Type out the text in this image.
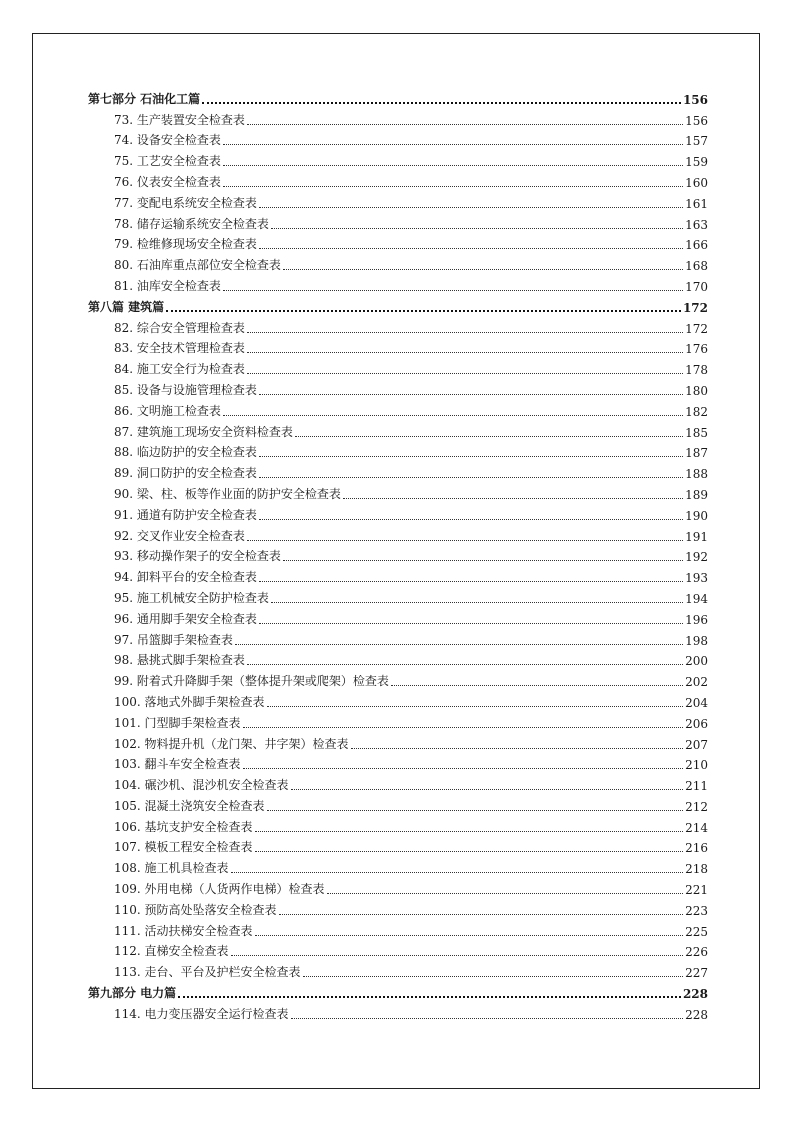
第七部分 石油化工篇	156
73. 生产装置安全检查表	156
74. 设备安全检查表	157
75. 工艺安全检查表	159
76. 仪表安全检查表	160
77. 变配电系统安全检查表	161
78. 储存运输系统安全检查表	163
79. 检维修现场安全检查表	166
80. 石油库重点部位安全检查表	168
81. 油库安全检查表	170
第八篇 建筑篇	172
82. 综合安全管理检查表	172
83. 安全技术管理检查表	176
84. 施工安全行为检查表	178
85. 设备与设施管理检查表	180
86. 文明施工检查表	182
87. 建筑施工现场安全资料检查表	185
88. 临边防护的安全检查表	187
89. 洞口防护的安全检查表	188
90. 梁、柱、板等作业面的防护安全检查表	189
91. 通道有防护安全检查表	190
92. 交叉作业安全检查表	191
93. 移动操作架子的安全检查表	192
94. 卸料平台的安全检查表	193
95. 施工机械安全防护检查表	194
96. 通用脚手架安全检查表	196
97. 吊篮脚手架检查表	198
98. 悬挑式脚手架检查表	200
99. 附着式升降脚手架（整体提升架或爬架）检查表	202
100. 落地式外脚手架检查表	204
101. 门型脚手架检查表	206
102. 物料提升机（龙门架、井字架）检查表	207
103. 翻斗车安全检查表	210
104. 碾沙机、混沙机安全检查表	211
105. 混凝土浇筑安全检查表	212
106. 基坑支护安全检查表	214
107. 模板工程安全检查表	216
108. 施工机具检查表	218
109. 外用电梯（人货两作电梯）检查表	221
110. 预防高处坠落安全检查表	223
111. 活动扶梯安全检查表	225
112. 直梯安全检查表	226
113. 走台、平台及护栏安全检查表	227
第九部分 电力篇	228
114. 电力变压器安全运行检查表	228
